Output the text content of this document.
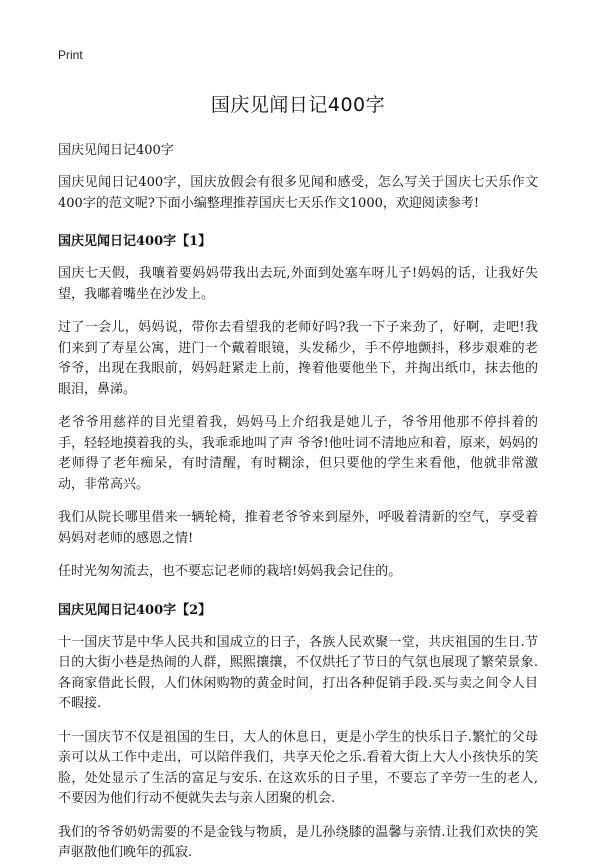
Print
国庆见闻日记400字
国庆见闻日记400字

国庆见闻日记400字，国庆放假会有很多见闻和感受，怎么写关于国庆七天乐作文400字的范文呢?下面小编整理推荐国庆七天乐作文1000，欢迎阅读参考!

国庆见闻日记400字【1】

国庆七天假，我嚷着要妈妈带我出去玩,外面到处塞车呀儿子!妈妈的话，让我好失望，我嘟着嘴坐在沙发上。

过了一会儿，妈妈说，带你去看望我的老师好吗?我一下子来劲了，好啊，走吧!我们来到了寿星公寓，进门一个戴着眼镜，头发稀少，手不停地颤抖，移步艰难的老爷爷，出现在我眼前，妈妈赶紧走上前，搀着他要他坐下，并掏出纸巾，抹去他的眼泪，鼻涕。

老爷爷用慈祥的目光望着我，妈妈马上介绍我是她儿子，爷爷用他那不停抖着的手，轻轻地摸着我的头，我乖乖地叫了声 爷爷!他吐词不清地应和着，原来，妈妈的老师得了老年痴呆，有时清醒，有时糊涂，但只要他的学生来看他，他就非常激动，非常高兴。

我们从院长哪里借来一辆轮椅，推着老爷爷来到屋外，呼吸着清新的空气，享受着妈妈对老师的感恩之情!

任时光匆匆流去，也不要忘记老师的栽培!妈妈我会记住的。

国庆见闻日记400字【2】

十一国庆节是中华人民共和国成立的日子，各族人民欢聚一堂，共庆祖国的生日.节日的大街小巷是热闹的人群，熙熙攘攘，不仅烘托了节日的气氛也展现了繁荣景象.各商家借此长假，人们休闲购物的黄金时间，打出各种促销手段.买与卖之间令人目不暇接.

十一国庆节不仅是祖国的生日，大人的休息日，更是小学生的快乐日子.繁忙的父母亲可以从工作中走出，可以陪伴我们，共享天伦之乐.看着大街上大人小孩快乐的笑脸，处处显示了生活的富足与安乐. 在这欢乐的日子里，不要忘了辛劳一生的老人,不要因为他们行动不便就失去与亲人团聚的机会.

我们的爷爷奶奶需要的不是金钱与物质，是儿孙绕膝的温馨与亲情.让我们欢快的笑声驱散他们晚年的孤寂.
